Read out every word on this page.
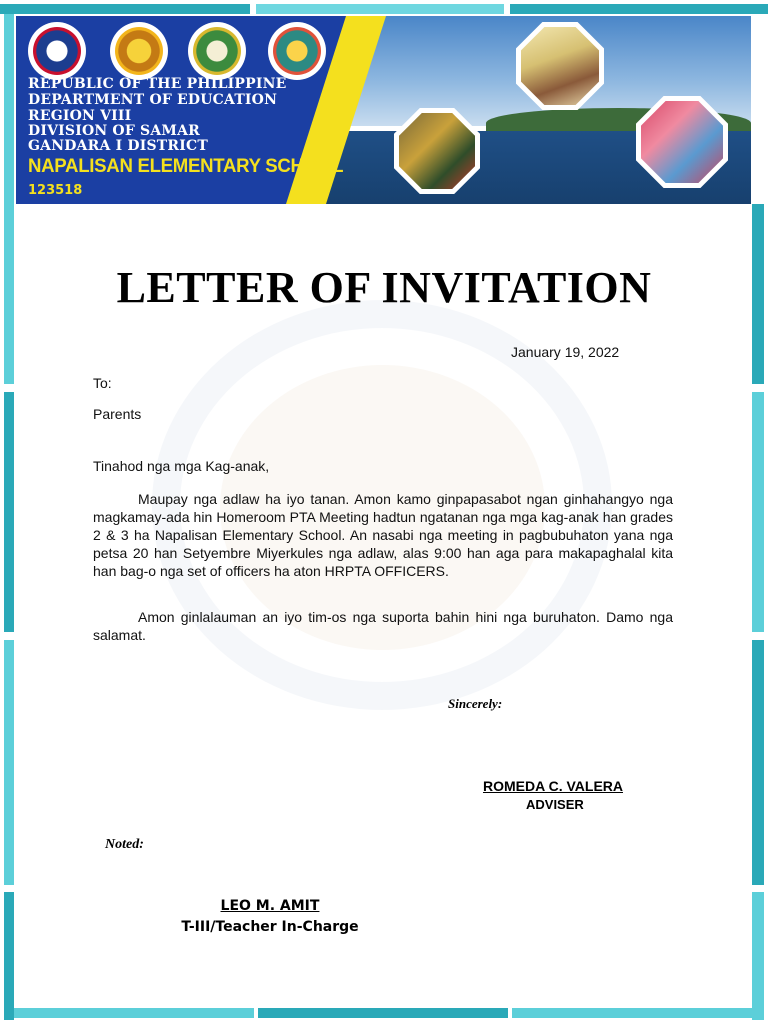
REPUBLIC OF THE PHILIPPINE
DEPARTMENT OF EDUCATION
REGION VIII
DIVISION OF SAMAR
GANDARA I DISTRICT
NAPALISAN ELEMENTARY SCHOOL
123518
LETTER OF INVITATION
January 19, 2022
To:
Parents
Tinahod nga mga Kag-anak,

Maupay nga adlaw ha iyo tanan. Amon kamo ginpapasabot ngan ginhahangyo nga magkamay-ada hin Homeroom PTA Meeting hadtun ngatanan nga mga kag-anak han grades 2 & 3 ha Napalisan Elementary School. An nasabi nga meeting in pagbubuhaton yana nga petsa 20 han Setyembre Miyerkules nga adlaw, alas 9:00 han aga para makapaghalal kita han bag-o nga set of officers ha aton HRPTA OFFICERS.

Amon ginlalauman an iyo tim-os nga suporta bahin hini nga buruhaton. Damo nga salamat.

Sincerely:
ROMEDA C. VALERA
ADVISER
Noted:
LEO M. AMIT
T-III/Teacher In-Charge
